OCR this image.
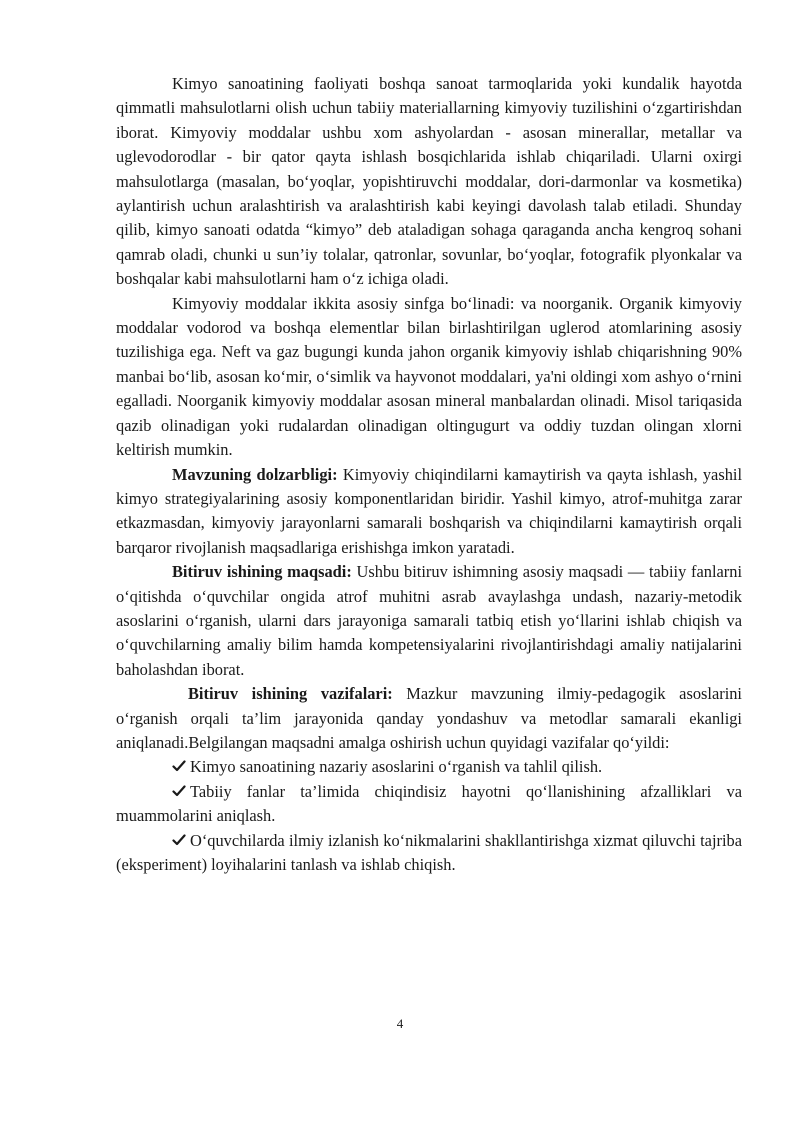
Kimyo sanoatining faoliyati boshqa sanoat tarmoqlarida yoki kundalik hayotda qimmatli mahsulotlarni olish uchun tabiiy materiallarning kimyoviy tuzilishini o‘zgartirishdan iborat. Kimyoviy moddalar ushbu xom ashyolardan - asosan minerallar, metallar va uglevodorodlar - bir qator qayta ishlash bosqichlarida ishlab chiqariladi. Ularni oxirgi mahsulotlarga (masalan, bo‘yoqlar, yopishtiruvchi moddalar, dori-darmonlar va kosmetika) aylantirish uchun aralashtirish va aralashtirish kabi keyingi davolash talab etiladi. Shunday qilib, kimyo sanoati odatda “kimyo” deb ataladigan sohaga qaraganda ancha kengroq sohani qamrab oladi, chunki u sun’iy tolalar, qatronlar, sovunlar, bo‘yoqlar, fotografik plyonkalar va boshqalar kabi mahsulotlarni ham o‘z ichiga oladi.

Kimyoviy moddalar ikkita asosiy sinfga bo‘linadi: va noorganik. Organik kimyoviy moddalar vodorod va boshqa elementlar bilan birlashtirilgan uglerod atomlarining asosiy tuzilishiga ega. Neft va gaz bugungi kunda jahon organik kimyoviy ishlab chiqarishning 90% manbai bo‘lib, asosan ko‘mir, o‘simlik va hayvonot moddalari, ya'ni oldingi xom ashyo o‘rnini egalladi. Noorganik kimyoviy moddalar asosan mineral manbalardan olinadi. Misol tariqasida qazib olinadigan yoki rudalardan olinadigan oltingugurt va oddiy tuzdan olingan xlorni keltirish mumkin.

Mavzuning dolzarbligi: Kimyoviy chiqindilarni kamaytirish va qayta ishlash, yashil kimyo strategiyalarining asosiy komponentlaridan biridir. Yashil kimyo, atrof-muhitga zarar etkazmasdan, kimyoviy jarayonlarni samarali boshqarish va chiqindilarni kamaytirish orqali barqaror rivojlanish maqsadlariga erishishga imkon yaratadi.

Bitiruv ishining maqsadi: Ushbu bitiruv ishimning asosiy maqsadi — tabiiy fanlarni o‘qitishda o‘quvchilar ongida atrof muhitni asrab avaylashga undash, nazariy-metodik asoslarini o‘rganish, ularni dars jarayoniga samarali tatbiq etish yo‘llarini ishlab chiqish va o‘quvchilarning amaliy bilim hamda kompetensiyalarini rivojlantirishdagi amaliy natijalarini baholashdan iborat.

Bitiruv ishining vazifalari: Mazkur mavzuning ilmiy-pedagogik asoslarini o‘rganish orqali ta’lim jarayonida qanday yondashuv va metodlar samarali ekanligi aniqlanadi.Belgilangan maqsadni amalga oshirish uchun quyidagi vazifalar qo‘yildi:

Kimyo sanoatining nazariy asoslarini o‘rganish va tahlil qilish.

Tabiiy fanlar ta’limida chiqindisiz hayotni qo‘llanishining afzalliklari va muammolarini aniqlash.

O‘quvchilarda ilmiy izlanish ko‘nikmalarini shakllantirishga xizmat qiluvchi tajriba (eksperiment) loyihalarini tanlash va ishlab chiqish.

4
